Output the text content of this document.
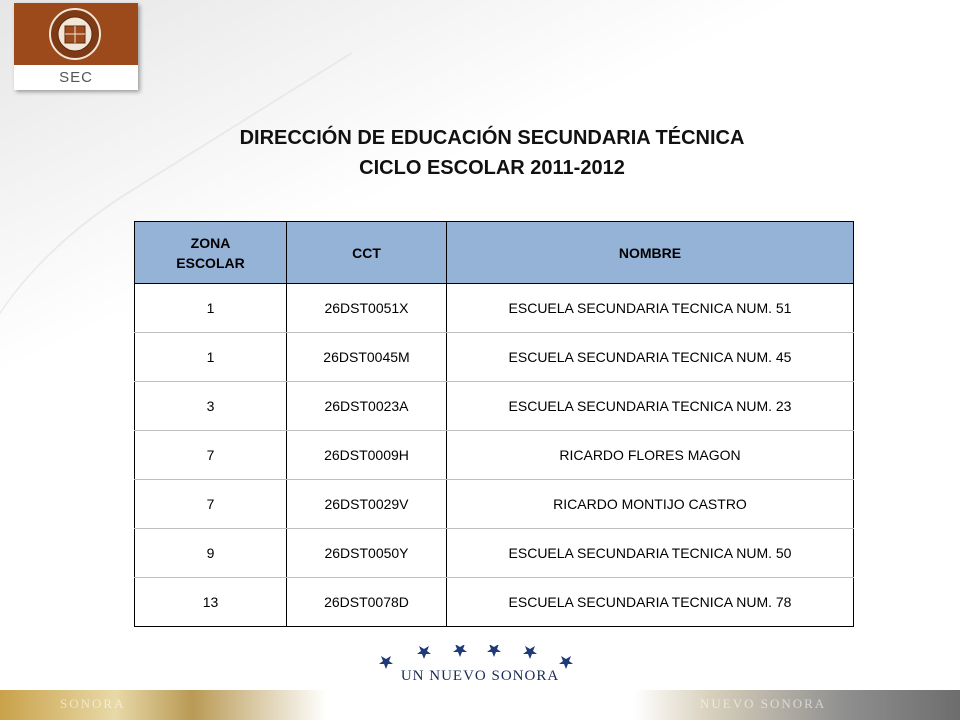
SEC
DIRECCIÓN DE EDUCACIÓN SECUNDARIA TÉCNICA
CICLO ESCOLAR 2011-2012
ZONA
ESCOLAR	CCT	NOMBRE
1	26DST0051X	ESCUELA SECUNDARIA TECNICA NUM. 51
1	26DST0045M	ESCUELA SECUNDARIA TECNICA NUM. 45
3	26DST0023A	ESCUELA SECUNDARIA TECNICA NUM. 23
7	26DST0009H	RICARDO FLORES MAGON
7	26DST0029V	RICARDO MONTIJO CASTRO
9	26DST0050Y	ESCUELA SECUNDARIA TECNICA NUM. 50
13	26DST0078D	ESCUELA SECUNDARIA TECNICA NUM. 78
UN NUEVO SONORA
SONORA	NUEVO SONORA
